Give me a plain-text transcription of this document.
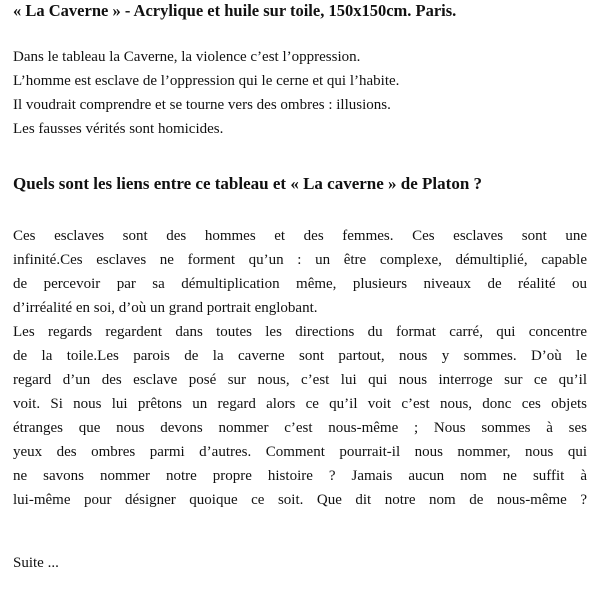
« La Caverne » - Acrylique et huile sur toile, 150x150cm. Paris.
Dans le tableau la Caverne, la violence c’est l’oppression.
L’homme est esclave de l’oppression qui le cerne et qui l’habite.
Il voudrait comprendre et se tourne vers des ombres : illusions.
Les fausses vérités sont homicides.
Quels sont les liens entre ce tableau et « La caverne » de Platon ?
Ces esclaves sont des hommes et des femmes. Ces esclaves sont une
infinité.Ces esclaves ne forment qu’un : un être complexe, démultiplié, capable
de percevoir par sa démultiplication même, plusieurs niveaux de réalité ou
d’irréalité en soi, d’où un grand portrait englobant.
Les regards regardent dans toutes les directions du format carré, qui concentre
de la toile.Les parois de la caverne sont partout, nous y sommes. D’où le
regard d’un des esclave posé sur nous, c’est lui qui nous interroge sur ce qu’il
voit. Si nous lui prêtons un regard alors ce qu’il voit c’est nous, donc ces objets
étranges que nous devons nommer c’est nous-même ; Nous sommes à ses
yeux des ombres parmi d’autres. Comment pourrait-il nous nommer, nous qui
ne savons nommer notre propre histoire ? Jamais aucun nom ne suffit à
lui-même pour désigner quoique ce soit. Que dit notre nom de nous-même ?
Suite ...
